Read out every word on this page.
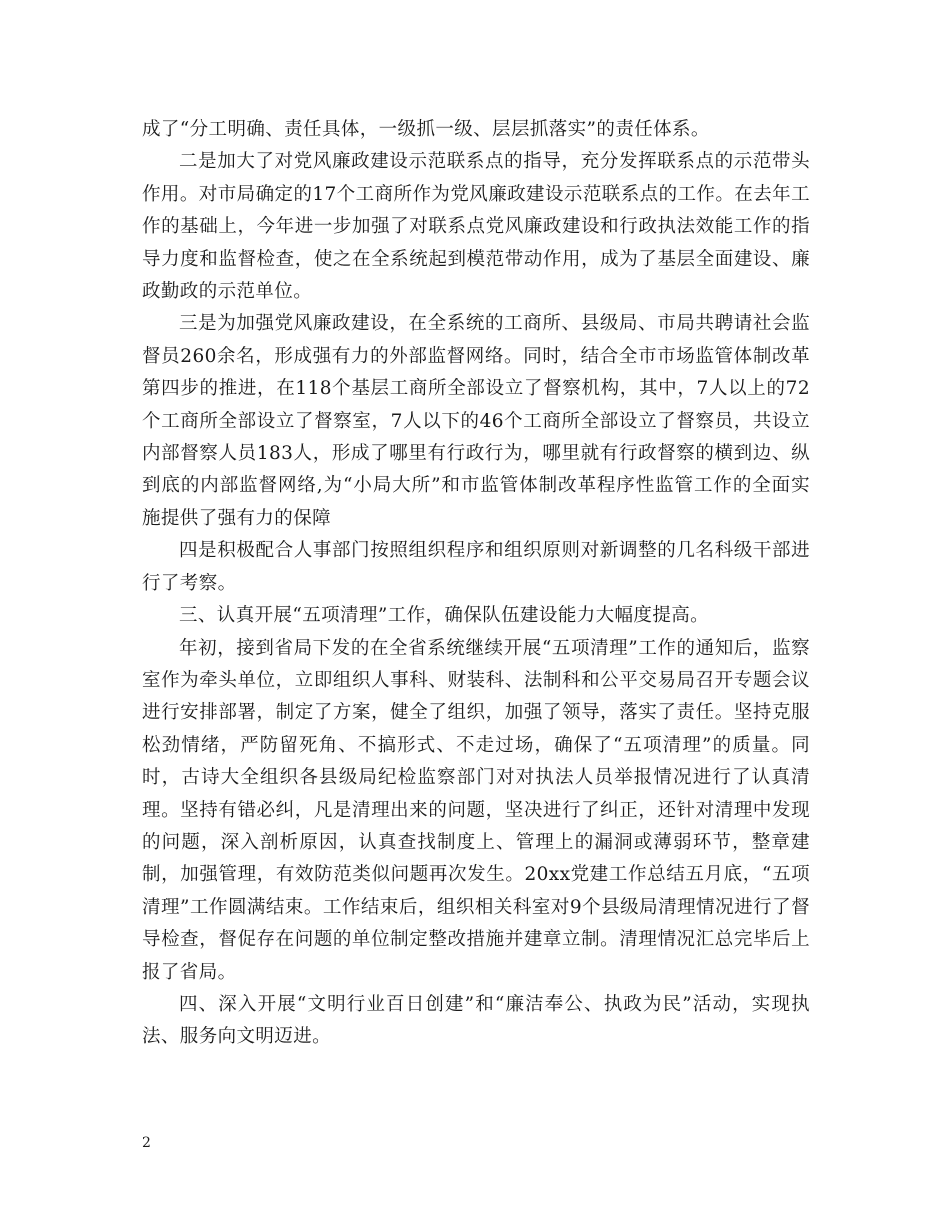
成了“分工明确、责任具体，一级抓一级、层层抓落实”的责任体系。

二是加大了对党风廉政建设示范联系点的指导，充分发挥联系点的示范带头作用。对市局确定的17个工商所作为党风廉政建设示范联系点的工作。在去年工作的基础上，今年进一步加强了对联系点党风廉政建设和行政执法效能工作的指导力度和监督检查，使之在全系统起到模范带动作用，成为了基层全面建设、廉政勤政的示范单位。

三是为加强党风廉政建设，在全系统的工商所、县级局、市局共聘请社会监督员260余名，形成强有力的外部监督网络。同时，结合全市市场监管体制改革第四步的推进，在118个基层工商所全部设立了督察机构，其中，7人以上的72个工商所全部设立了督察室，7人以下的46个工商所全部设立了督察员，共设立内部督察人员183人，形成了哪里有行政行为，哪里就有行政督察的横到边、纵到底的内部监督网络,为“小局大所”和市监管体制改革程序性监管工作的全面实施提供了强有力的保障

四是积极配合人事部门按照组织程序和组织原则对新调整的几名科级干部进行了考察。

三、认真开展“五项清理”工作，确保队伍建设能力大幅度提高。

年初，接到省局下发的在全省系统继续开展“五项清理”工作的通知后，监察室作为牵头单位，立即组织人事科、财装科、法制科和公平交易局召开专题会议进行安排部署，制定了方案，健全了组织，加强了领导，落实了责任。坚持克服松劲情绪，严防留死角、不搞形式、不走过场，确保了“五项清理”的质量。同时，古诗大全组织各县级局纪检监察部门对对执法人员举报情况进行了认真清理。坚持有错必纠，凡是清理出来的问题，坚决进行了纠正，还针对清理中发现的问题，深入剖析原因，认真查找制度上、管理上的漏洞或薄弱环节，整章建制，加强管理，有效防范类似问题再次发生。20xx党建工作总结五月底，“五项清理”工作圆满结束。工作结束后，组织相关科室对9个县级局清理情况进行了督导检查，督促存在问题的单位制定整改措施并建章立制。清理情况汇总完毕后上报了省局。

四、深入开展“文明行业百日创建”和“廉洁奉公、执政为民”活动，实现执法、服务向文明迈进。

2
